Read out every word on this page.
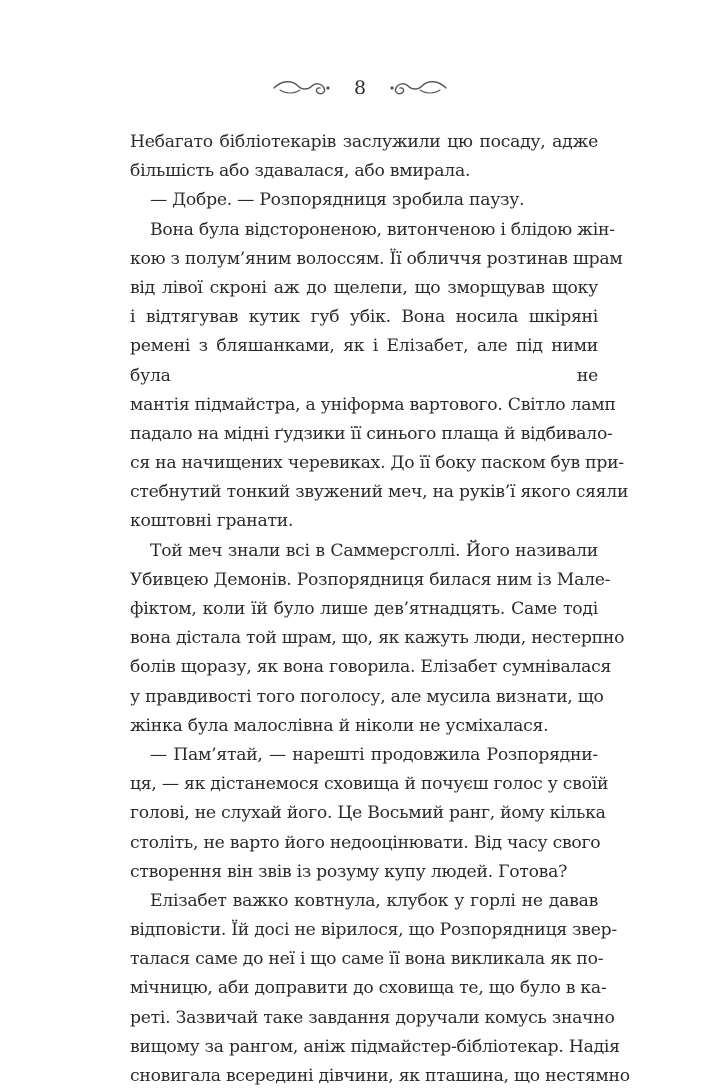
8
Небагато бібліотекарів заслужили цю посаду, адже
більшість або здавалася, або вмирала.
— Добре. — Розпорядниця зробила паузу.
Вона була відстороненою, витонченою і блідою жін-
кою з полум’яним волоссям. Її обличчя розтинав шрам
від лівої скроні аж до щелепи, що зморщував щоку
і відтягував кутик губ убік. Вона носила шкіряні ремені з бляшанками, як і Елізабет, але під ними була не
мантія підмайстра, а уніформа вартового. Світло ламп
падало на мідні ґудзики її синього плаща й відбивало-
ся на начищених черевиках. До її боку паском був при-
стебнутий тонкий звужений меч, на руків’ї якого сяяли
коштовні гранати.
Той меч знали всі в Саммерсголлі. Його називали
Убивцею Демонів. Розпорядниця билася ним із Мале-
фіктом, коли їй було лише дев’ятнадцять. Саме тоді
вона дістала той шрам, що, як кажуть люди, нестерпно
болів щоразу, як вона говорила. Елізабет сумнівалася
у правдивості того поголосу, але мусила визнати, що
жінка була малослівна й ніколи не усміхалася.
— Пам’ятай, — нарешті продовжила Розпорядни-
ця, — як дістанемося сховища й почуєш голос у своїй
голові, не слухай його. Це Восьмий ранг, йому кілька
століть, не варто його недооцінювати. Від часу свого
створення він звів із розуму купу людей. Готова?
Елізабет важко ковтнула, клубок у горлі не давав
відповісти. Їй досі не вірилося, що Розпорядниця звер-
талася саме до неї і що саме її вона викликала як по-
мічницю, аби доправити до сховища те, що було в ка-
реті. Зазвичай таке завдання доручали комусь значно
вищому за рангом, аніж підмайстер-бібліотекар. Надія
сновигала всередині дівчини, як пташина, що нестямно
